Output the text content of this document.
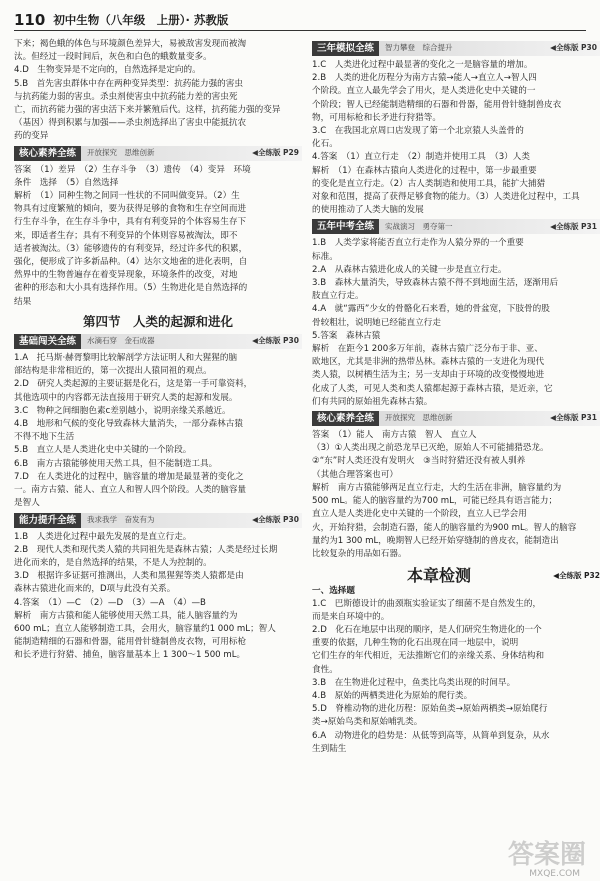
110 初中生物（八年级　上册）· 苏教版
下来；褐色蛾的体色与环境颜色差异大，易被敌害发现而被淘
汰。但经过一段时间后，灰色和白色的蛾数量变多。
4.D　生物变异是不定向的，自然选择是定向的。
5.B　首先害虫群体中存在两种变异类型：抗药能力强的害虫
与抗药能力弱的害虫。杀虫剂使害虫中抗药能力差的害虫死
亡，而抗药能力强的害虫活下来并繁殖后代。这样，抗药能力强的变异
（基因）得到积累与加强——杀虫剂选择出了害虫中能抵抗农
药的变异
核心素养全练	开放探究　思维创新	◀全练版 P29
答案　（1）差异　（2）生存斗争　（3）遗传　（4）变异　环境
条件　选择　（5）自然选择
解析　（1）同种生物之间同一性状的不同叫做变异。（2）生
物具有过度繁殖的倾向，要为获得足够的食物和生存空间而进
行生存斗争，在生存斗争中，具有有利变异的个体容易生存下
来，即适者生存；具有不利变异的个体则容易被淘汰，即不
适者被淘汰。（3）能够遗传的有利变异，经过许多代的积累，
强化，便形成了许多新品种。（4）达尔文地雀的进化表明，自
然界中的生物普遍存在着变异现象，环境条件的改变，对地
雀种的形态和大小具有选择作用。（5）生物进化是自然选择的
结果
第四节　人类的起源和进化
基础闯关全练	水滴石穿　金石成器	◀全练版 P30
1.A　托马斯·赫胥黎明比较解剖学方法证明人和大猩猩的脑
部结构是非常相近的，第一次提出人猿同祖的观点。
2.D　研究人类起源的主要证据是化石，这是第一手可靠资料，
其他选项中的内容都无法直接用于研究人类的起源和发展。
3.C　物种之间细胞色素c差别越小，说明亲缘关系越近。
4.B　地形和气候的变化导致森林大量消失，一部分森林古猿
不得不地下生活
5.B　直立人是人类进化史中关键的一个阶段。
6.B　南方古猿能够使用天然工具，但不能制造工具。
7.D　在人类进化的过程中，脑容量的增加是最显著的变化之
一。南方古猿、能人、直立人和智人四个阶段。人类的脑容量
是智人
能力提升全练	我求我学　奋发有为	◀全练版 P30
1.B　人类进化过程中最先发展的是直立行走。
2.B　现代人类和现代类人猿的共同祖先是森林古猿；人类是经过长期
进化而来的，是自然选择的结果，不是人为控制的。
3.D　根据许多证据可推测出，人类和黑猩猩等类人猿都是由
森林古猿进化而来的，D项与此没有关系。
4.答案　（1）—C　（2）—D　（3）—A　（4）—B
解析　南方古猿和能人能够使用天然工具，能人脑容量约为
600 mL；直立人能够制造工具，会用火，脑容量约1 000 mL；智人
能制造精细的石器和骨器，能用骨针缝制兽皮衣物，可用标枪
和长矛进行狩猎、捕鱼，脑容量基本上 1 300～1 500 mL。
三年模拟全练	智力攀登　综合提升	◀全练版 P30
1.C　人类进化过程中最显著的变化之一是脑容量的增加。
2.B　人类的进化历程分为南方古猿→能人→直立人→智人四
个阶段。直立人最先学会了用火，是人类进化史中关键的一
个阶段；智人已经能制造精细的石器和骨器，能用骨针缝制兽皮衣
物，可用标枪和长矛进行狩猎等。
3.C　在我国北京周口店发现了第一个北京猿人头盖骨的
化石。
4.答案　（1）直立行走　（2）制造并使用工具　（3）人类
解析　（1）在森林古猿向人类进化的过程中，第一步最重要
的变化是直立行走。（2）古人类制造和使用工具，能扩大捕猎
对象和范围，提高了获得足够食物的能力。（3）人类进化过程中，工具
的使用推动了人类大脑的发展
五年中考全练	实战演习　勇夺第一	◀全练版 P31
1.B　人类学家将能否直立行走作为人猿分界的一个重要
标准。
2.A　从森林古猿进化成人的关键一步是直立行走。
3.B　森林大量消失，导致森林古猿不得不到地面生活，逐渐用后
肢直立行走。
4.A　就“露西”少女的骨骼化石来看，她的骨盆宽，下肢骨的股
骨较粗壮，说明她已经能直立行走
5.答案　森林古猿
解析　在距今1 200多万年前，森林古猿广泛分布于非、亚、
欧地区，尤其是非洲的热带丛林。森林古猿的一支进化为现代
类人猿，以树栖生活为主；另一支却由于环境的改变慢慢地进
化成了人类，可见人类和类人猿都起源于森林古猿，是近亲，它
们有共同的原始祖先森林古猿。
核心素养全练	开放探究　思维创新	◀全练版 P31
答案　（1）能人　南方古猿　智人　直立人
（3）①人类出现之前恐龙早已灭绝，原始人不可能捕猎恐龙。
②“东”时人类还没有发明火　③当时狩猎还没有被人驯养
（其他合理答案也可）
解析　南方古猿能够两足直立行走，大约生活在非洲，脑容量约为
500 mL。能人的脑容量约为700 mL，可能已经具有语言能力；
直立人是人类进化史中关键的一个阶段，直立人已学会用
火，开始狩猎，会制造石器，能人的脑容量约为900 mL。智人的脑容
量约为1 300 mL，晚期智人已经开始穿缝制的兽皮衣，能制造出
比较复杂的用品如石器。
本章检测	◀全练版 P32
一、选择题
1.C　巴斯德设计的曲颈瓶实验证实了细菌不是自然发生的，
而是来自环境中的。
2.D　化石在地层中出现的顺序，是人们研究生物进化的一个
重要的依据，几种生物的化石出现在同一地层中，说明
它们生存的年代相近，无法推断它们的亲缘关系、身体结构和
食性。
3.B　在生物进化过程中，鱼类比鸟类出现的时间早。
4.B　原始的两栖类进化为原始的爬行类。
5.D　脊椎动物的进化历程：原始鱼类→原始两栖类→原始爬行
类→原始鸟类和原始哺乳类。
6.A　动物进化的趋势是：从低等到高等，从简单到复杂，从水
生到陆生
答案圈
MXQE.COM
